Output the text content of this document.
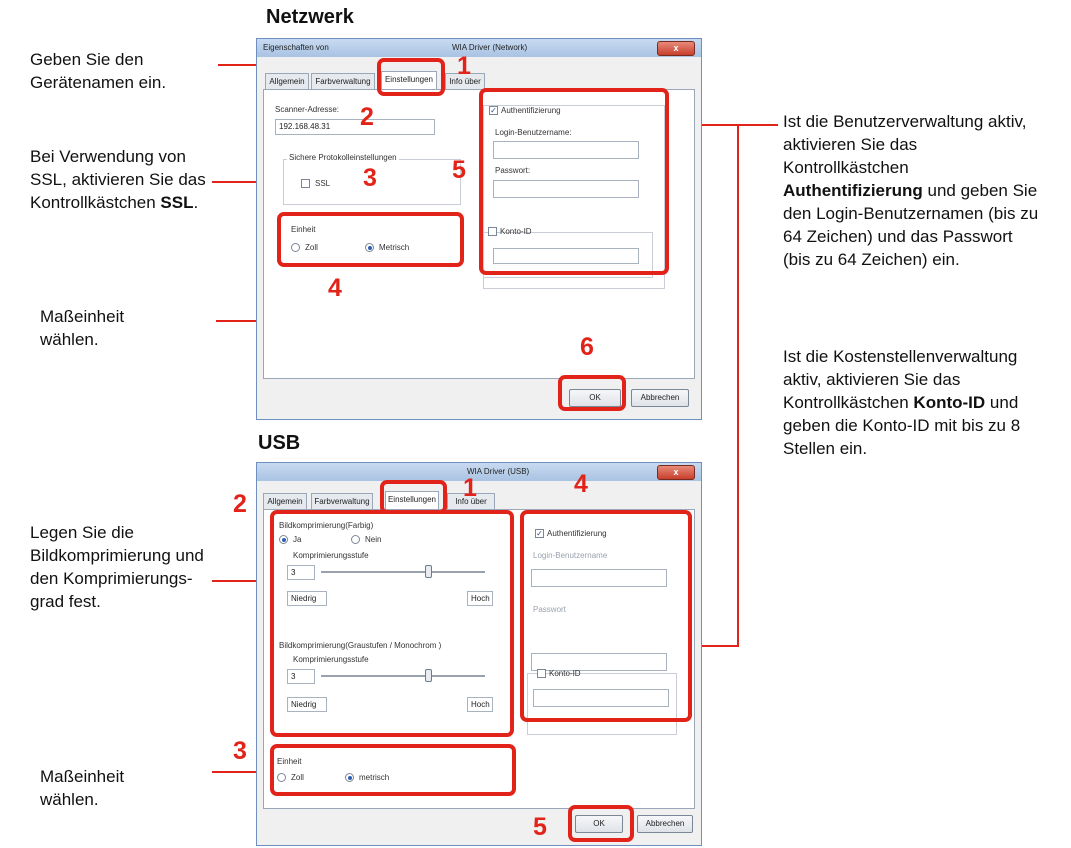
Netzwerk
USB
Geben Sie den Gerätenamen ein.
Bei Verwendung von SSL, aktivieren Sie das Kontrollkästchen SSL.
Maßeinheit wählen.
Legen Sie die Bildkomprimierung und den Komprimierungs-grad fest.
Maßeinheit wählen.
Ist die Benutzerverwaltung aktiv, aktivieren Sie das Kontrollkästchen Authentifizierung und geben Sie den Login-Benutzernamen (bis zu 64 Zeichen) und das Passwort (bis zu 64 Zeichen) ein.
Ist die Kostenstellenverwaltung aktiv, aktivieren Sie das Kontrollkästchen Konto-ID und geben die Konto-ID mit bis zu 8 Stellen ein.
Eigenschaften von	WIA Driver (Network)	x
Allgemein	Farbverwaltung	Einstellungen	Info über
Scanner-Adresse:
192.168.48.31
Sichere Protokolleinstellungen
SSL
Einheit
Zoll	Metrisch
✓ Authentifizierung
Login-Benutzername:
Passwort:
Konto-ID
OK	Abbrechen
1
2
3
4
5
6
WIA Driver (USB)	x
Allgemein	Farbverwaltung	Einstellungen	Info über
Bildkomprimierung(Farbig)
Ja	Nein
Komprimierungsstufe
3
Niedrig	Hoch
Bildkomprimierung(Graustufen / Monochrom )
Komprimierungsstufe
3
Niedrig	Hoch
✓ Authentifizierung
Login-Benutzername
Passwort
Konto-ID
Einheit
Zoll	metrisch
OK	Abbrechen
1
2
3
4
5
